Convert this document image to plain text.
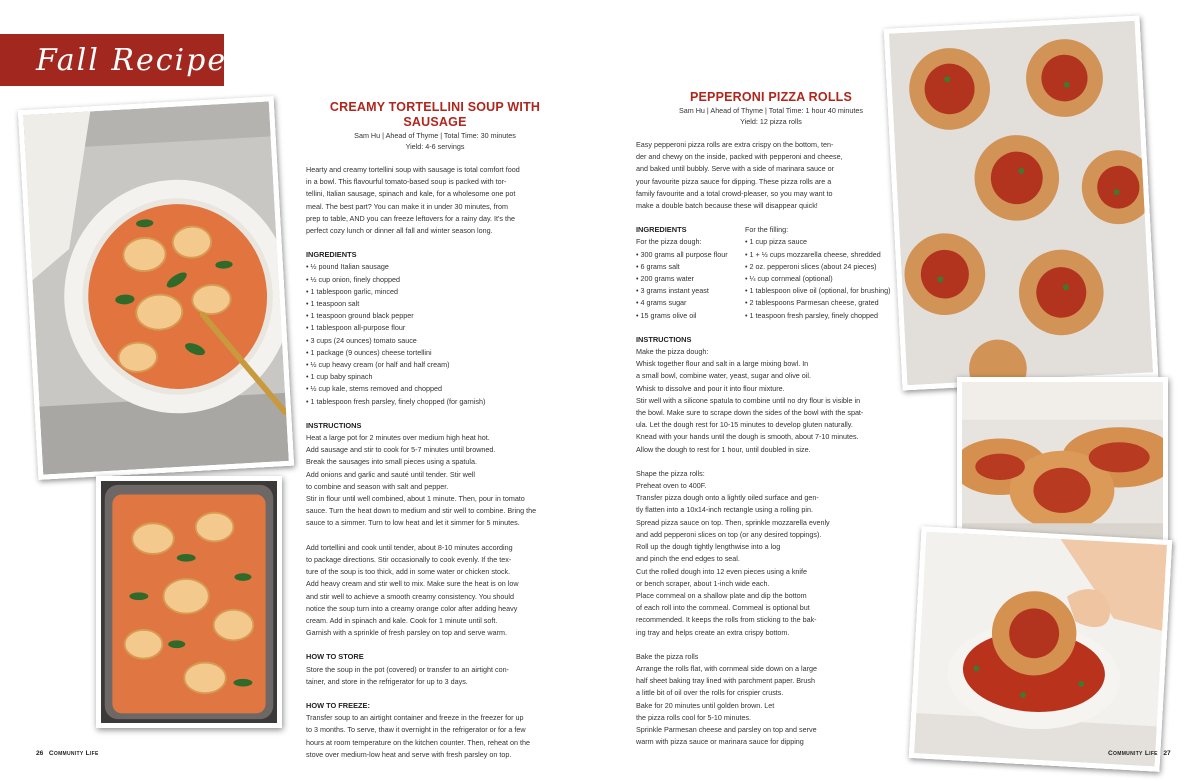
Fall Recipes
CREAMY TORTELLINI SOUP WITH SAUSAGE
Sam Hu | Ahead of Thyme | Total Time: 30 minutes
Yield: 4-6 servings

Hearty and creamy tortellini soup with sausage is total comfort food

in a bowl. This flavourful tomato-based soup is packed with tor-

tellini, Italian sausage, spinach and kale, for a wholesome one pot

meal. The best part? You can make it in under 30 minutes, from

prep to table, AND you can freeze leftovers for a rainy day. It's the

perfect cozy lunch or dinner all fall and winter season long.

INGREDIENTS

• ½ pound Italian sausage

• ½ cup onion, finely chopped

• 1 tablespoon garlic, minced

• 1 teaspoon salt

• 1 teaspoon ground black pepper

• 1 tablespoon all-purpose flour

• 3 cups (24 ounces) tomato sauce

• 1 package (9 ounces) cheese tortellini

• ½ cup heavy cream (or half and half cream)

• 1 cup baby spinach

• ½ cup kale, stems removed and chopped

• 1 tablespoon fresh parsley, finely chopped (for garnish)

INSTRUCTIONS

Heat a large pot for 2 minutes over medium high heat hot.

Add sausage and stir to cook for 5-7 minutes until browned.

Break the sausages into small pieces using a spatula.

Add onions and garlic and sauté until tender. Stir well

to combine and season with salt and pepper.

Stir in flour until well combined, about 1 minute. Then, pour in tomato

sauce. Turn the heat down to medium and stir well to combine. Bring the

sauce to a simmer. Turn to low heat and let it simmer for 5 minutes.

Add tortellini and cook until tender, about 8-10 minutes according

to package directions. Stir occasionally to cook evenly. If the tex-

ture of the soup is too thick, add in some water or chicken stock.

Add heavy cream and stir well to mix. Make sure the heat is on low

and stir well to achieve a smooth creamy consistency. You should

notice the soup turn into a creamy orange color after adding heavy

cream. Add in spinach and kale. Cook for 1 minute until soft.

Garnish with a sprinkle of fresh parsley on top and serve warm.

HOW TO STORE

Store the soup in the pot (covered) or transfer to an airtight con-

tainer, and store in the refrigerator for up to 3 days.

HOW TO FREEZE:

Transfer soup to an airtight container and freeze in the freezer for up

to 3 months. To serve, thaw it overnight in the refrigerator or for a few

hours at room temperature on the kitchen counter. Then, reheat on the

stove over medium-low heat and serve with fresh parsley on top.

PEPPERONI PIZZA ROLLS
Sam Hu | Ahead of Thyme | Total Time: 1 hour 40 minutes
Yield: 12 pizza rolls

Easy pepperoni pizza rolls are extra crispy on the bottom, ten-

der and chewy on the inside, packed with pepperoni and cheese,

and baked until bubbly. Serve with a side of marinara sauce or

your favourite pizza sauce for dipping. These pizza rolls are a

family favourite and a total crowd-pleaser, so you may want to

make a double batch because these will disappear quick!

INGREDIENTS

For the pizza dough:

• 300 grams all purpose flour

• 6 grams salt

• 200 grams water

• 3 grams instant yeast

• 4 grams sugar

• 15 grams olive oil

For the filling:

• 1 cup pizza sauce

• 1 + ½ cups mozzarella cheese, shredded

• 2 oz. pepperoni slices (about 24 pieces)

• ¼ cup cornmeal (optional)

• 1 tablespoon olive oil (optional, for brushing)

• 2 tablespoons Parmesan cheese, grated

• 1 teaspoon fresh parsley, finely chopped

INSTRUCTIONS

Make the pizza dough:

Whisk together flour and salt in a large mixing bowl. In

a small bowl, combine water, yeast, sugar and olive oil.

Whisk to dissolve and pour it into flour mixture.

Stir well with a silicone spatula to combine until no dry flour is visible in

the bowl. Make sure to scrape down the sides of the bowl with the spat-

ula. Let the dough rest for 10-15 minutes to develop gluten naturally.

Knead with your hands until the dough is smooth, about 7-10 minutes.

Allow the dough to rest for 1 hour, until doubled in size.

Shape the pizza rolls:

Preheat oven to 400F.

Transfer pizza dough onto a lightly oiled surface and gen-

tly flatten into a 10x14-inch rectangle using a rolling pin.

Spread pizza sauce on top. Then, sprinkle mozzarella evenly

and add pepperoni slices on top (or any desired toppings).

Roll up the dough tightly lengthwise into a log

and pinch the end edges to seal.

Cut the rolled dough into 12 even pieces using a knife

or bench scraper, about 1-inch wide each.

Place cornmeal on a shallow plate and dip the bottom

of each roll into the cornmeal. Cornmeal is optional but

recommended. It keeps the rolls from sticking to the bak-

ing tray and helps create an extra crispy bottom.

Bake the pizza rolls

Arrange the rolls flat, with cornmeal side down on a large

half sheet baking tray lined with parchment paper. Brush

a little bit of oil over the rolls for crispier crusts.

Bake for 20 minutes until golden brown. Let

the pizza rolls cool for 5-10 minutes.

Sprinkle Parmesan cheese and parsley on top and serve

warm with pizza sauce or marinara sauce for dipping

26 Community Life	Community Life 27
